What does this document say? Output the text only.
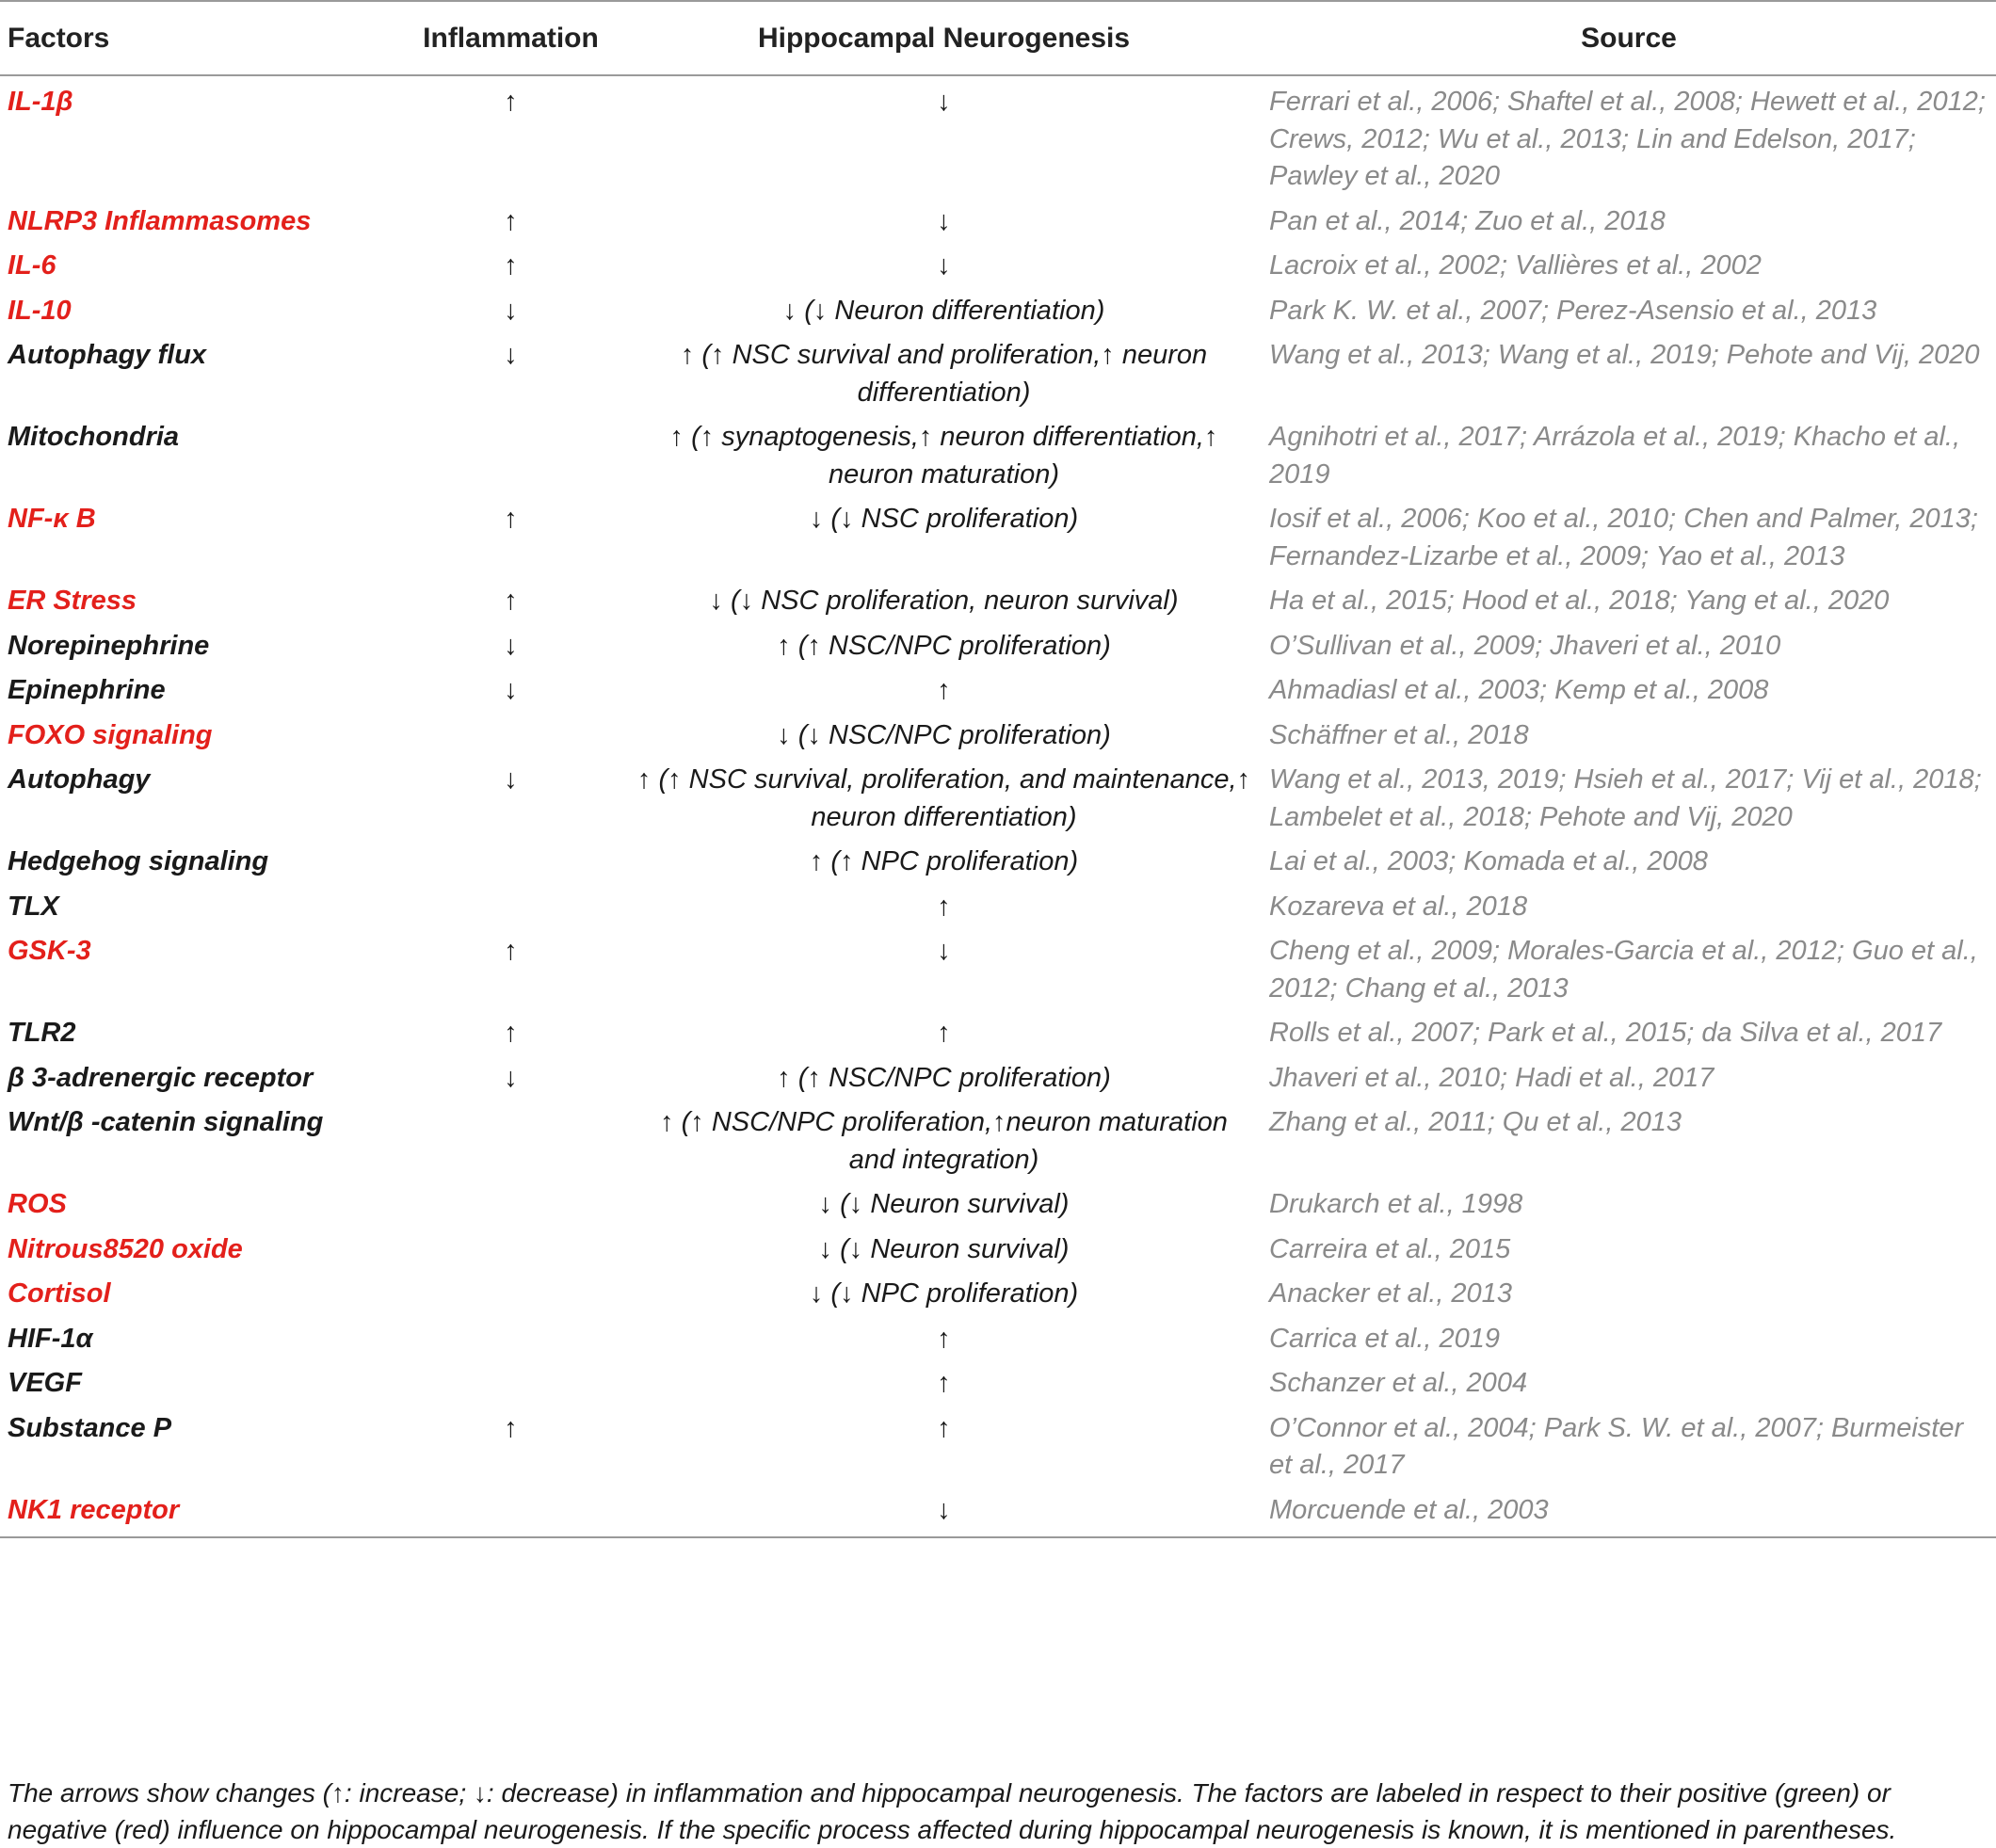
Factors	Inflammation	Hippocampal Neurogenesis	Source
IL-1β	↑	↓	Ferrari et al., 2006; Shaftel et al., 2008; Hewett et al., 2012; Crews, 2012; Wu et al., 2013; Lin and Edelson, 2017; Pawley et al., 2020
NLRP3 Inflammasomes	↑	↓	Pan et al., 2014; Zuo et al., 2018
IL-6	↑	↓	Lacroix et al., 2002; Vallières et al., 2002
IL-10	↓	↓ (↓ Neuron differentiation)	Park K. W. et al., 2007; Perez-Asensio et al., 2013
Autophagy flux	↓	↑ (↑ NSC survival and proliferation,↑ neuron differentiation)	Wang et al., 2013; Wang et al., 2019; Pehote and Vij, 2020
Mitochondria		↑ (↑ synaptogenesis,↑ neuron differentiation,↑ neuron maturation)	Agnihotri et al., 2017; Arrázola et al., 2019; Khacho et al., 2019
NF-κ B	↑	↓ (↓ NSC proliferation)	Iosif et al., 2006; Koo et al., 2010; Chen and Palmer, 2013; Fernandez-Lizarbe et al., 2009; Yao et al., 2013
ER Stress	↑	↓ (↓ NSC proliferation, neuron survival)	Ha et al., 2015; Hood et al., 2018; Yang et al., 2020
Norepinephrine	↓	↑ (↑ NSC/NPC proliferation)	O’Sullivan et al., 2009; Jhaveri et al., 2010
Epinephrine	↓	↑	Ahmadiasl et al., 2003; Kemp et al., 2008
FOXO signaling		↓ (↓ NSC/NPC proliferation)	Schäffner et al., 2018
Autophagy	↓	↑ (↑ NSC survival, proliferation, and maintenance,↑ neuron differentiation)	Wang et al., 2013, 2019; Hsieh et al., 2017; Vij et al., 2018; Lambelet et al., 2018; Pehote and Vij, 2020
Hedgehog signaling		↑ (↑ NPC proliferation)	Lai et al., 2003; Komada et al., 2008
TLX		↑	Kozareva et al., 2018
GSK-3	↑	↓	Cheng et al., 2009; Morales-Garcia et al., 2012; Guo et al., 2012; Chang et al., 2013
TLR2	↑	↑	Rolls et al., 2007; Park et al., 2015; da Silva et al., 2017
β 3-adrenergic receptor	↓	↑ (↑ NSC/NPC proliferation)	Jhaveri et al., 2010; Hadi et al., 2017
Wnt/β -catenin signaling		↑ (↑ NSC/NPC proliferation,↑neuron maturation and integration)	Zhang et al., 2011; Qu et al., 2013
ROS		↓ (↓ Neuron survival)	Drukarch et al., 1998
Nitrous8520 oxide		↓ (↓ Neuron survival)	Carreira et al., 2015
Cortisol		↓ (↓ NPC proliferation)	Anacker et al., 2013
HIF-1α		↑	Carrica et al., 2019
VEGF		↑	Schanzer et al., 2004
Substance P	↑	↑	O’Connor et al., 2004; Park S. W. et al., 2007; Burmeister et al., 2017
NK1 receptor		↓	Morcuende et al., 2003
The arrows show changes (↑: increase; ↓: decrease) in inflammation and hippocampal neurogenesis. The factors are labeled in respect to their positive (green) or negative (red) influence on hippocampal neurogenesis. If the specific process affected during hippocampal neurogenesis is known, it is mentioned in parentheses.
